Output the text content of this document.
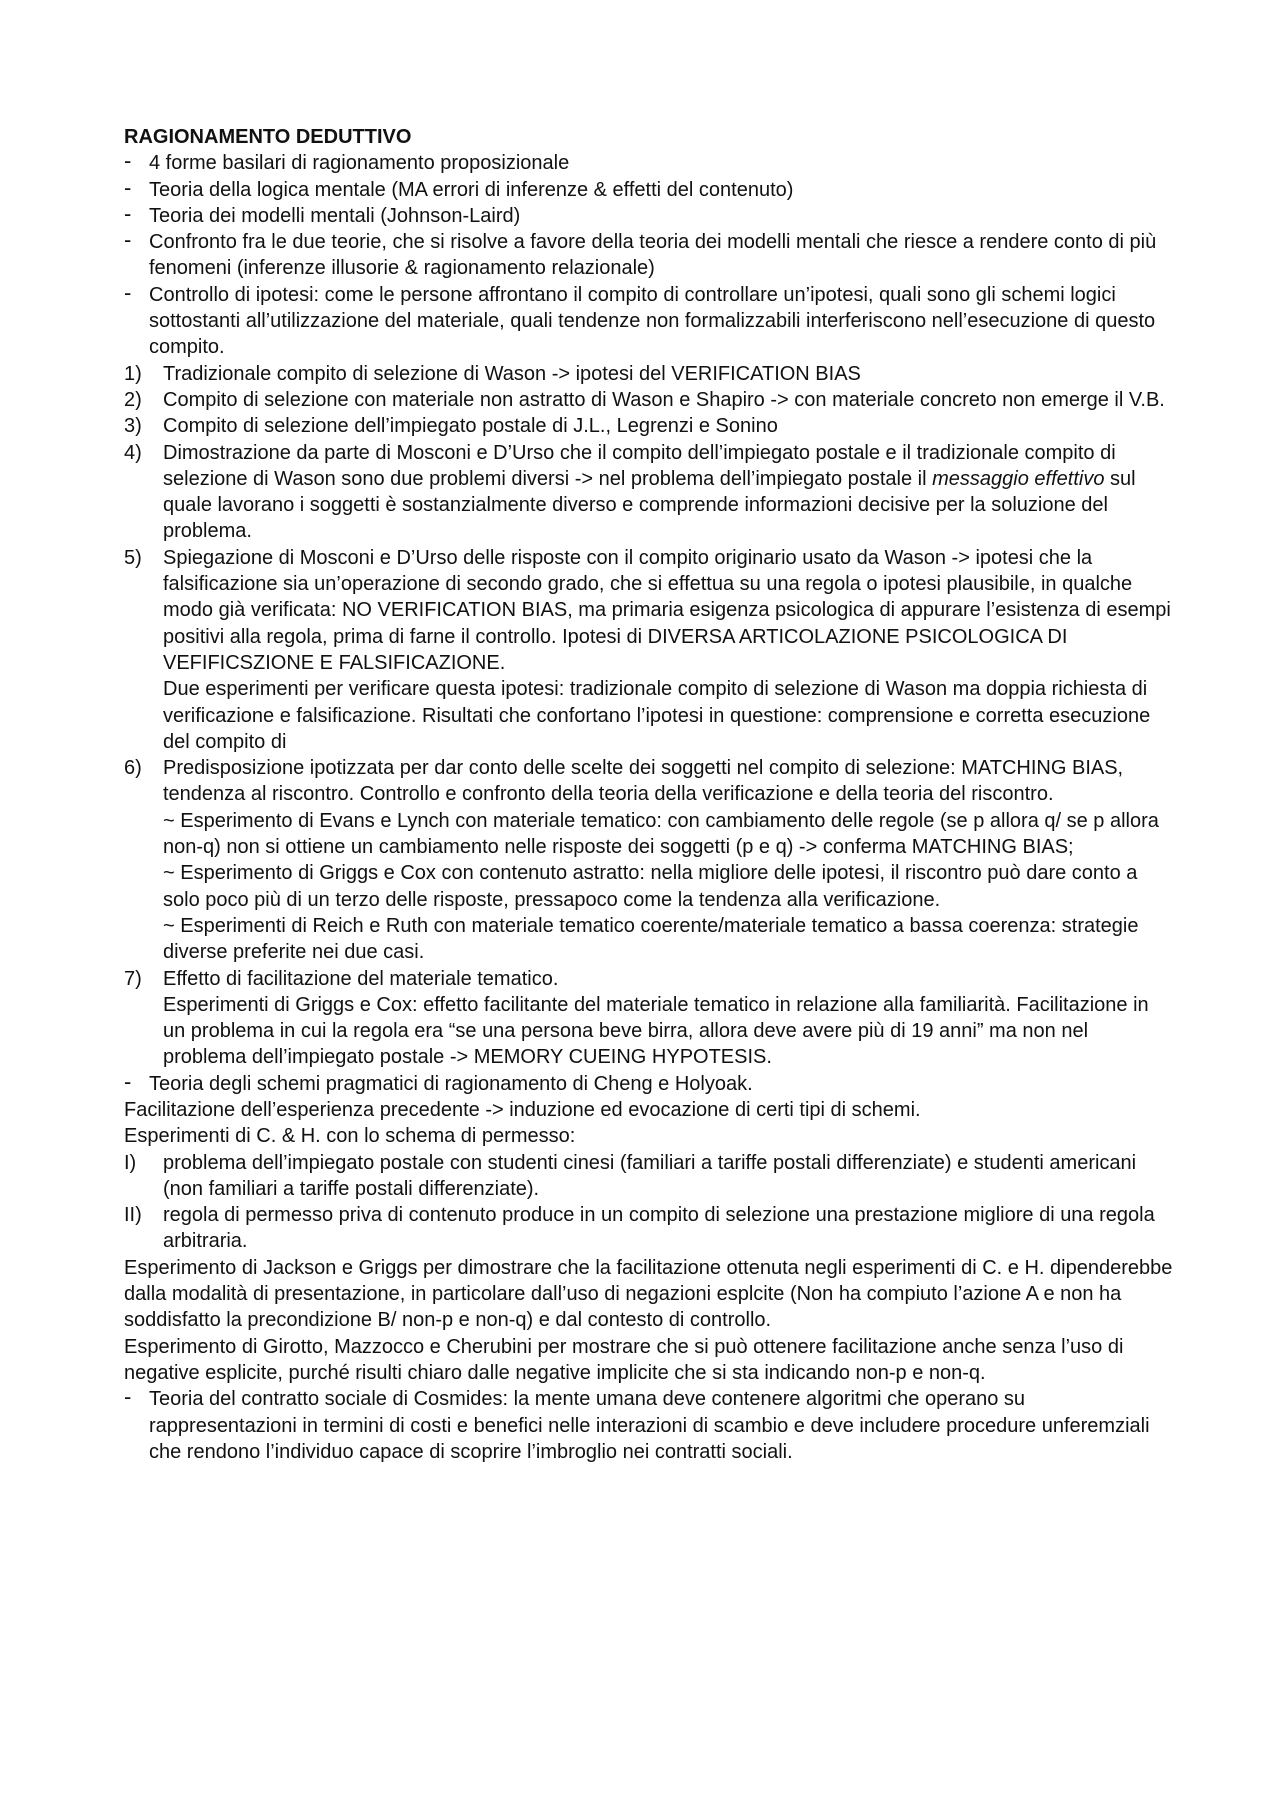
RAGIONAMENTO DEDUTTIVO

- 4 forme basilari di ragionamento proposizionale
- Teoria della logica mentale (MA errori di inferenze & effetti del contenuto)
- Teoria dei modelli mentali (Johnson-Laird)
- Confronto fra le due teorie, che si risolve a favore della teoria dei modelli mentali che riesce a rendere conto di più fenomeni (inferenze illusorie & ragionamento relazionale)
- Controllo di ipotesi: come le persone affrontano il compito di controllare un’ipotesi, quali sono gli schemi logici sottostanti all’utilizzazione del materiale, quali tendenze non formalizzabili interferiscono nell’esecuzione di questo compito.
1) Tradizionale compito di selezione di Wason -> ipotesi del VERIFICATION BIAS
2) Compito di selezione con materiale non astratto di Wason e Shapiro -> con materiale concreto non emerge il V.B.
3) Compito di selezione dell’impiegato postale di J.L., Legrenzi e Sonino
4) Dimostrazione da parte di Mosconi e D’Urso che il compito dell’impiegato postale e il tradizionale compito di selezione di Wason sono due problemi diversi -> nel problema dell’impiegato postale il messaggio effettivo sul quale lavorano i soggetti è sostanzialmente diverso e comprende informazioni decisive per la soluzione del problema.
5) Spiegazione di Mosconi e D’Urso delle risposte con il compito originario usato da Wason -> ipotesi che la falsificazione sia un’operazione di secondo grado, che si effettua su una regola o ipotesi plausibile, in qualche modo già verificata: NO VERIFICATION BIAS, ma primaria esigenza psicologica di appurare l’esistenza di esempi positivi alla regola, prima di farne il controllo. Ipotesi di DIVERSA ARTICOLAZIONE PSICOLOGICA DI VEFIFICSZIONE E FALSIFICAZIONE.

Due esperimenti per verificare questa ipotesi: tradizionale compito di selezione di Wason ma doppia richiesta di verificazione e falsificazione. Risultati che confortano l’ipotesi in questione: comprensione e corretta esecuzione del compito di

6) Predisposizione ipotizzata per dar conto delle scelte dei soggetti nel compito di selezione: MATCHING BIAS, tendenza al riscontro. Controllo e confronto della teoria della verificazione e della teoria del riscontro.

~ Esperimento di Evans e Lynch con materiale tematico: con cambiamento delle regole (se p allora q/ se p allora non-q) non si ottiene un cambiamento nelle risposte dei soggetti (p e q) -> conferma MATCHING BIAS;

~ Esperimento di Griggs e Cox con contenuto astratto: nella migliore delle ipotesi, il riscontro può dare conto a solo poco più di un terzo delle risposte, pressapoco come la tendenza alla verificazione.

~ Esperimenti di Reich e Ruth con materiale tematico coerente/materiale tematico a bassa coerenza: strategie diverse preferite nei due casi.

7) Effetto di facilitazione del materiale tematico.

Esperimenti di Griggs e Cox: effetto facilitante del materiale tematico in relazione alla familiarità. Facilitazione in un problema in cui la regola era “se una persona beve birra, allora deve avere più di 19 anni” ma non nel problema dell’impiegato postale -> MEMORY CUEING HYPOTESIS.

- Teoria degli schemi pragmatici di ragionamento di Cheng e Holyoak.

Facilitazione dell’esperienza precedente -> induzione ed evocazione di certi tipi di schemi.

Esperimenti di C. & H. con lo schema di permesso:

I) problema dell’impiegato postale con studenti cinesi (familiari a tariffe postali differenziate) e studenti americani (non familiari a tariffe postali differenziate).
II) regola di permesso priva di contenuto produce in un compito di selezione una prestazione migliore di una regola arbitraria.

Esperimento di Jackson e Griggs per dimostrare che la facilitazione ottenuta negli esperimenti di C. e H. dipenderebbe dalla modalità di presentazione, in particolare dall’uso di negazioni esplcite (Non ha compiuto l’azione A e non ha soddisfatto la precondizione B/ non-p e non-q) e dal contesto di controllo.

Esperimento di Girotto, Mazzocco e Cherubini per mostrare che si può ottenere facilitazione anche senza l’uso di negative esplicite, purché risulti chiaro dalle negative implicite che si sta indicando non-p e non-q.

- Teoria del contratto sociale di Cosmides: la mente umana deve contenere algoritmi che operano su rappresentazioni in termini di costi e benefici nelle interazioni di scambio e deve includere procedure unferemziali che rendono l’individuo capace di scoprire l’imbroglio nei contratti sociali.
